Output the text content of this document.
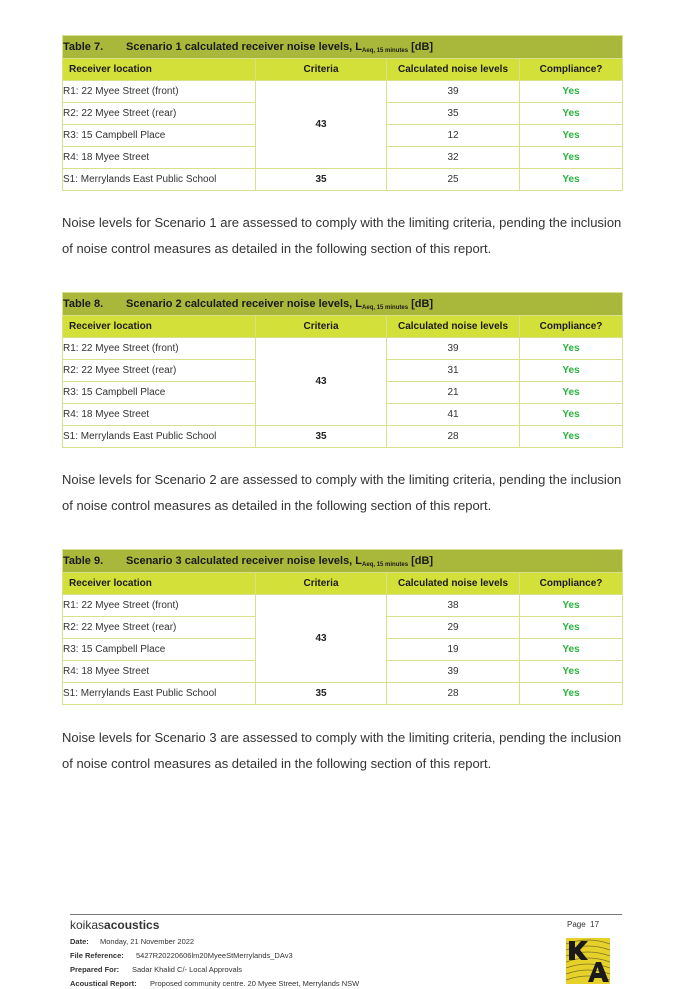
Table 7. Scenario 1 calculated receiver noise levels, $L_{Aeq, 15 minutes}$ [dB]			
Receiver location	Criteria	Calculated noise levels	Compliance?
R1: 22 Myee Street (front)	43	39	Yes
R2: 22 Myee Street (rear)		35	Yes
R3: 15 Campbell Place		12	Yes
R4: 18 Myee Street		32	Yes
S1: Merrylands East Public School	35	25	Yes
Noise levels for Scenario 1 are assessed to comply with the limiting criteria, pending the inclusion of noise control measures as detailed in the following section of this report.
Table 8. Scenario 2 calculated receiver noise levels, $L_{Aeq, 15 minutes}$ [dB]			
Receiver location	Criteria	Calculated noise levels	Compliance?
R1: 22 Myee Street (front)	43	39	Yes
R2: 22 Myee Street (rear)		31	Yes
R3: 15 Campbell Place		21	Yes
R4: 18 Myee Street		41	Yes
S1: Merrylands East Public School	35	28	Yes
Noise levels for Scenario 2 are assessed to comply with the limiting criteria, pending the inclusion of noise control measures as detailed in the following section of this report.
Table 9. Scenario 3 calculated receiver noise levels, $L_{Aeq, 15 minutes}$ [dB]			
Receiver location	Criteria	Calculated noise levels	Compliance?
R1: 22 Myee Street (front)	43	38	Yes
R2: 22 Myee Street (rear)		29	Yes
R3: 15 Campbell Place		19	Yes
R4: 18 Myee Street		39	Yes
S1: Merrylands East Public School	35	28	Yes
Noise levels for Scenario 3 are assessed to comply with the limiting criteria, pending the inclusion of noise control measures as detailed in the following section of this report.
koikasacoustics	Page 17
Date: Monday, 21 November 2022
File Reference: 5427R20220606lm20MyeeStMerrylands_DAv3
Prepared For: Sadar Khalid C/- Local Approvals
Acoustical Report: Proposed community centre. 20 Myee Street, Merrylands NSW
